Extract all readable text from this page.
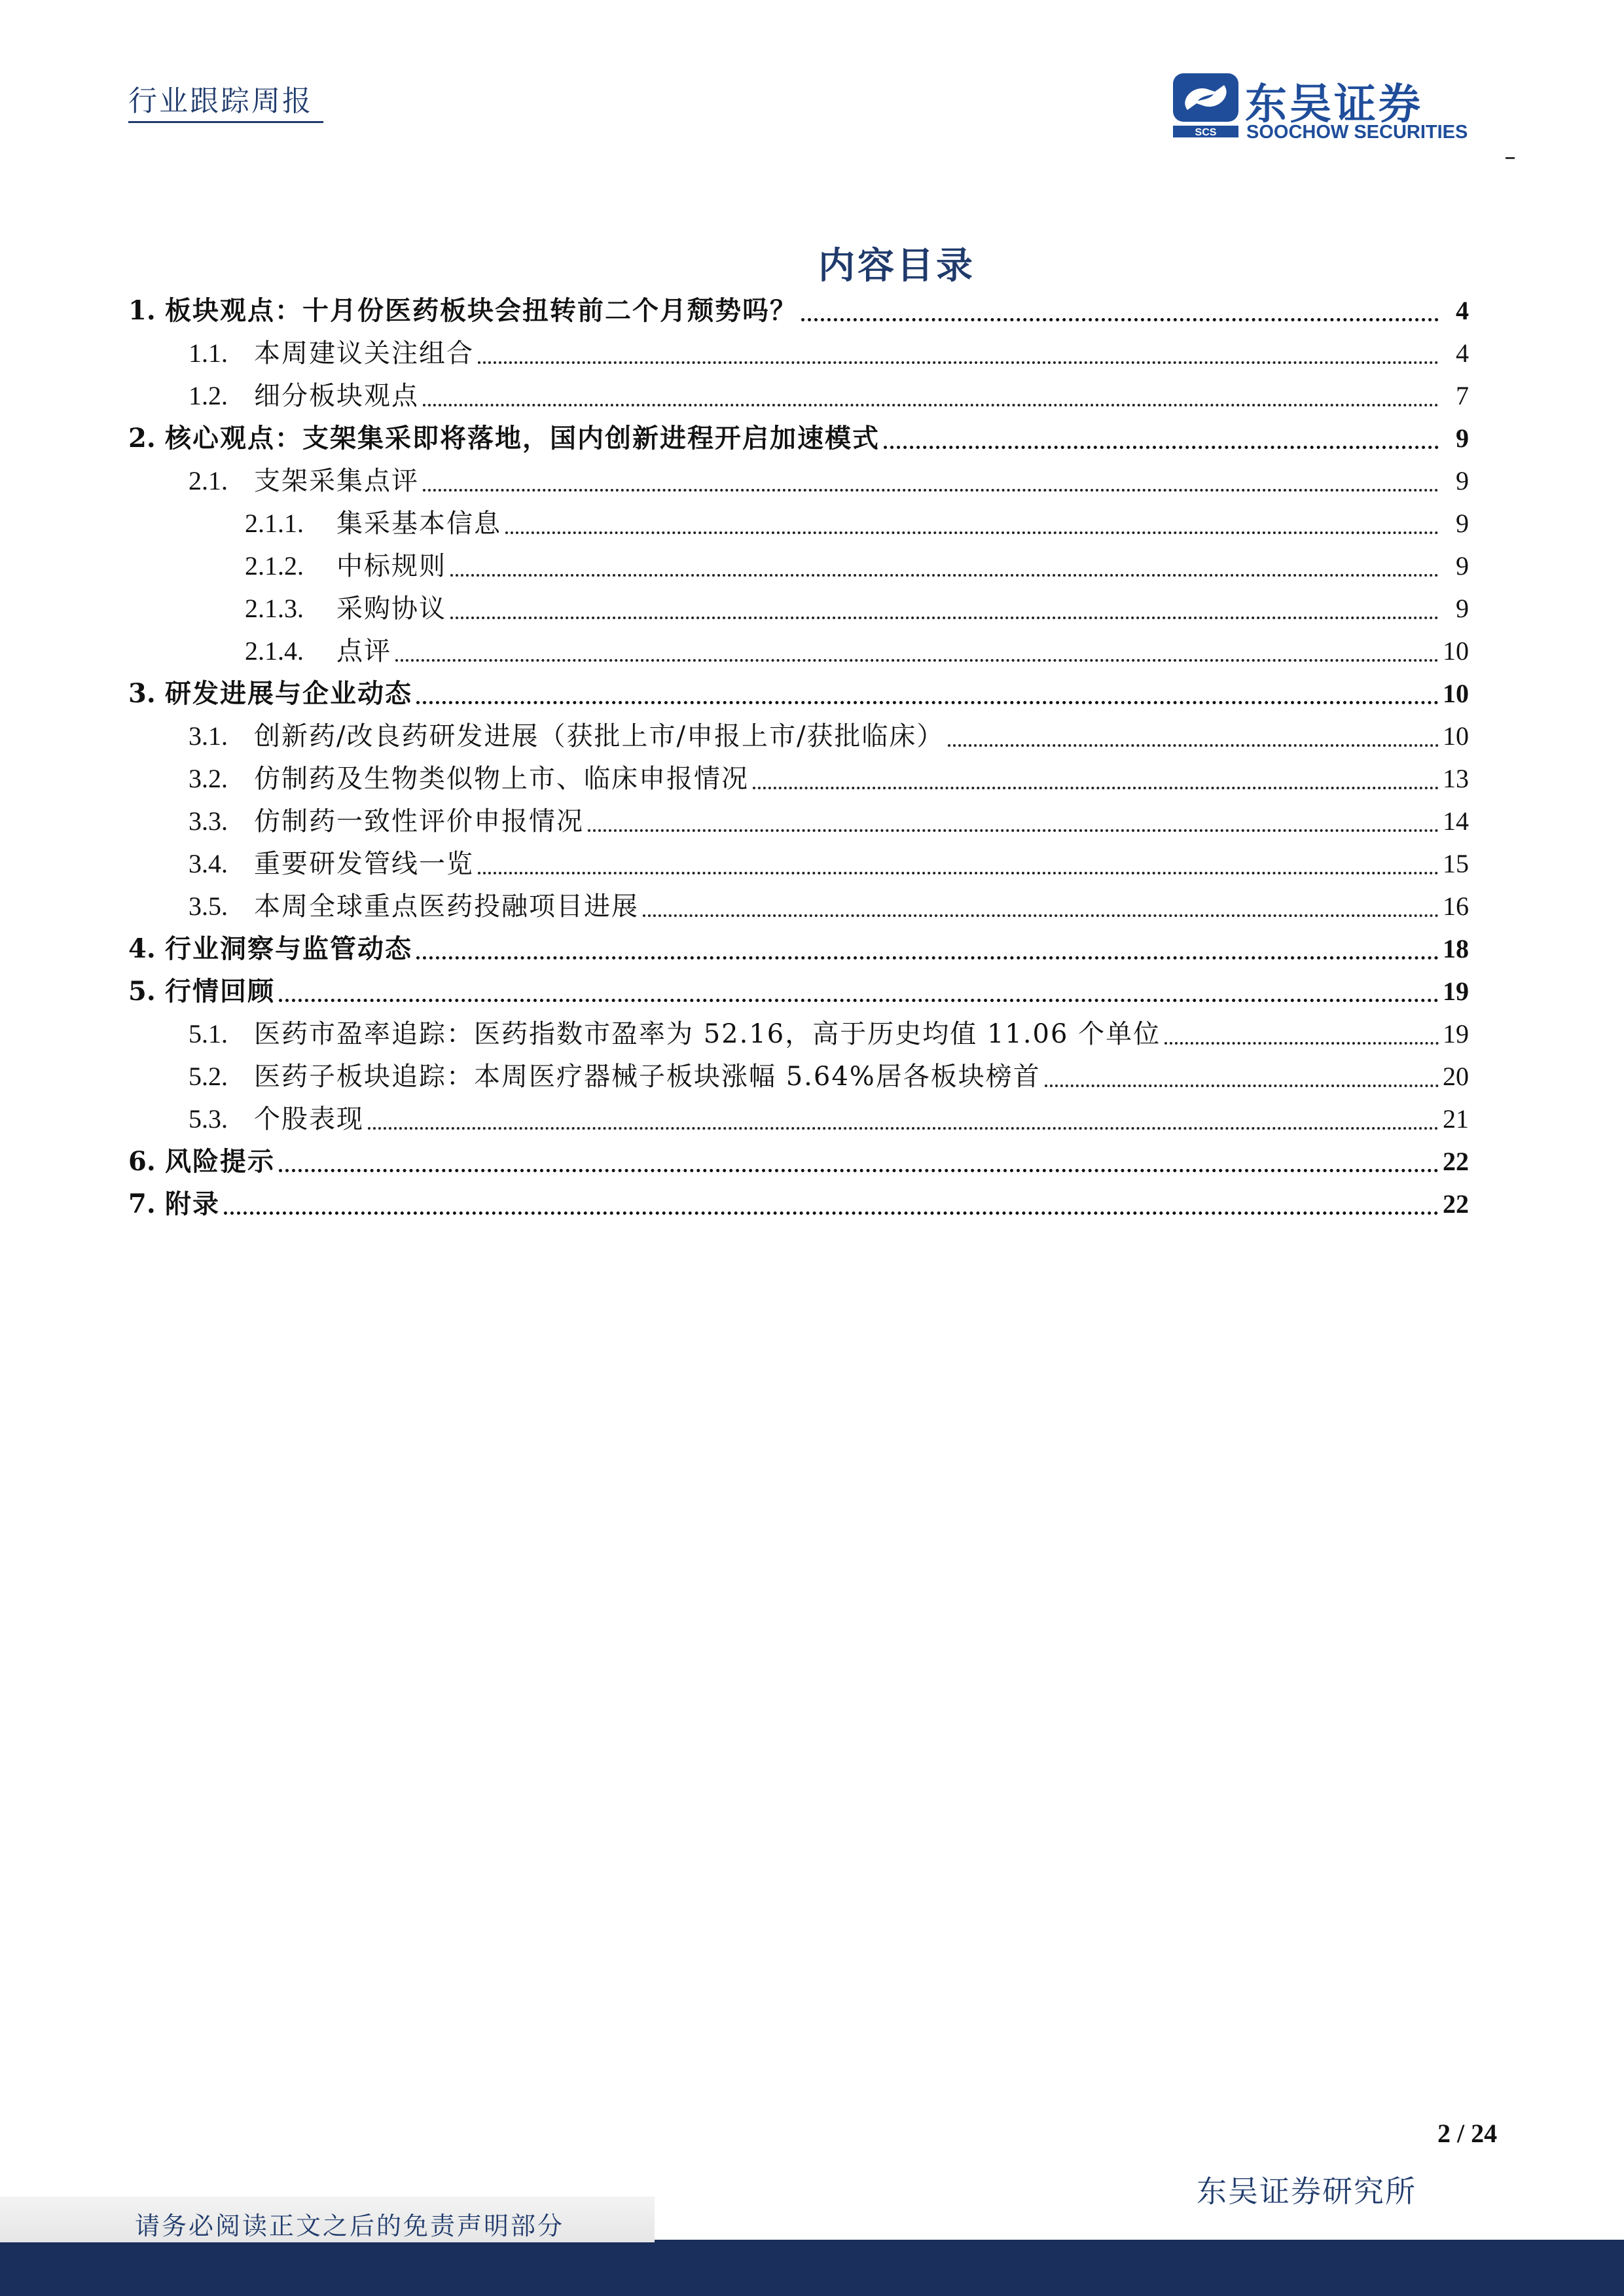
行业跟踪周报
SCS
东吴证券
SOOCHOW SECURITIES
内容目录
1. 板块观点：十月份医药板块会扭转前二个月颓势吗？	4
1.1.	本周建议关注组合	4
1.2.	细分板块观点	7
2. 核心观点：支架集采即将落地，国内创新进程开启加速模式	9
2.1.	支架采集点评	9
2.1.1.	集采基本信息	9
2.1.2.	中标规则	9
2.1.3.	采购协议	9
2.1.4.	点评	10
3. 研发进展与企业动态	10
3.1.	创新药/改良药研发进展（获批上市/申报上市/获批临床）	10
3.2.	仿制药及生物类似物上市、临床申报情况	13
3.3.	仿制药一致性评价申报情况	14
3.4.	重要研发管线一览	15
3.5.	本周全球重点医药投融项目进展	16
4. 行业洞察与监管动态	18
5. 行情回顾	19
5.1.	医药市盈率追踪：医药指数市盈率为 52.16，高于历史均值 11.06 个单位	19
5.2.	医药子板块追踪：本周医疗器械子板块涨幅 5.64%居各板块榜首	20
5.3.	个股表现	21
6. 风险提示	22
7. 附录	22
2 / 24
东吴证券研究所
请务必阅读正文之后的免责声明部分
